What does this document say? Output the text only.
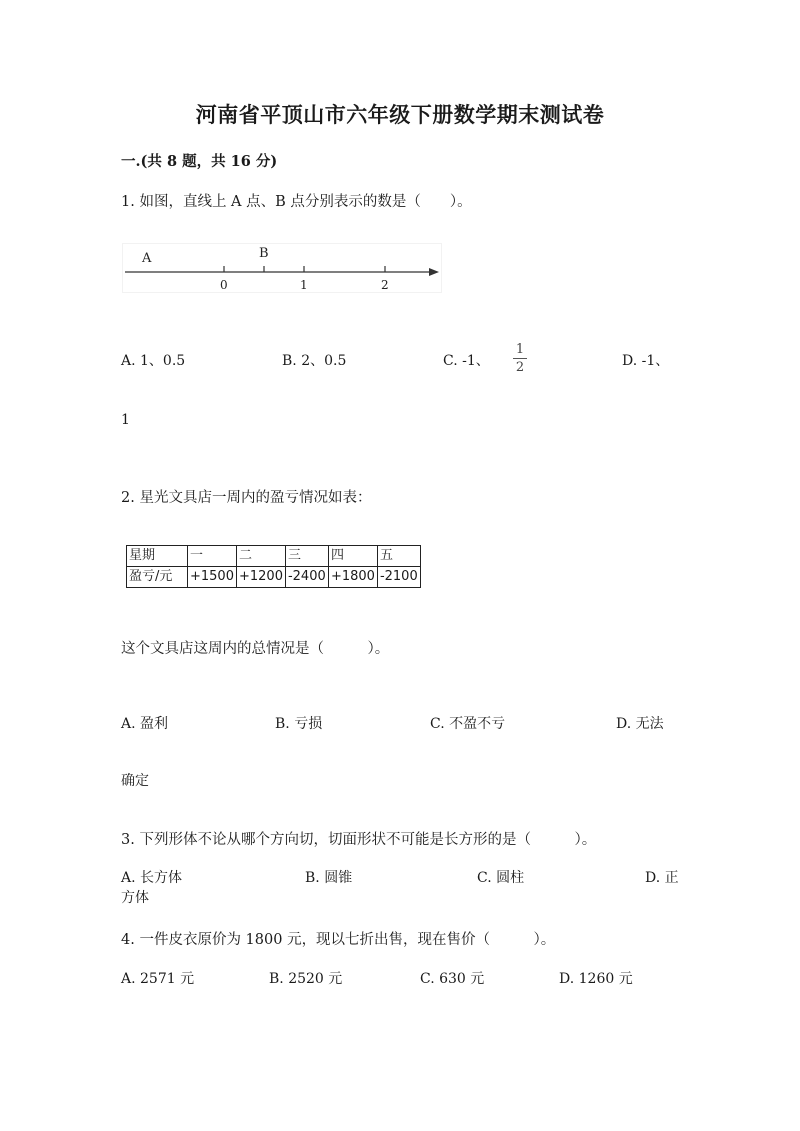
河南省平顶山市六年级下册数学期末测试卷
一.(共 8 题，共 16 分)
1. 如图，直线上 A 点、B 点分别表示的数是（　　）。
A	B
0	1	2
A. 1、0.5	B. 2、0.5	C. -1、
1
2	D. -1、
1
2. 星光文具店一周内的盈亏情况如表：
星期	一	二	三	四	五
盈亏/元	+1500	+1200	-2400	+1800	-2100
这个文具店这周内的总情况是（　　　）。
A. 盈利	B. 亏损	C. 不盈不亏	D. 无法
确定
3. 下列形体不论从哪个方向切，切面形状不可能是长方形的是（　　　）。
A. 长方体	B. 圆锥	C. 圆柱	D. 正
方体
4. 一件皮衣原价为 1800 元，现以七折出售，现在售价（　　　）。
A. 2571 元	B. 2520 元	C. 630 元	D. 1260 元
